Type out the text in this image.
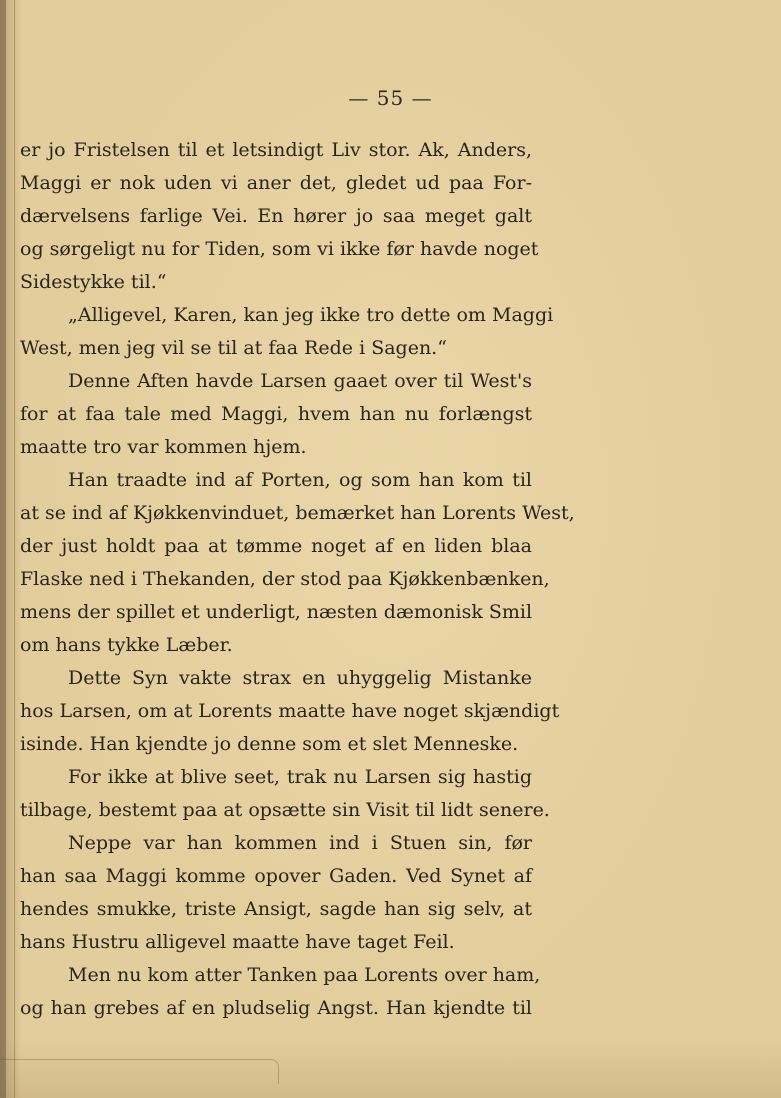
— 55 —
er jo Fristelsen til et letsindigt Liv stor. Ak, Anders,
Maggi er nok uden vi aner det, gledet ud paa For-
dærvelsens farlige Vei. En hører jo saa meget galt
og sørgeligt nu for Tiden, som vi ikke før havde noget
Sidestykke til.“
„Alligevel, Karen, kan jeg ikke tro dette om Maggi
West, men jeg vil se til at faa Rede i Sagen.“
Denne Aften havde Larsen gaaet over til West's
for at faa tale med Maggi, hvem han nu forlængst
maatte tro var kommen hjem.
Han traadte ind af Porten, og som han kom til
at se ind af Kjøkkenvinduet, bemærket han Lorents West,
der just holdt paa at tømme noget af en liden blaa
Flaske ned i Thekanden, der stod paa Kjøkkenbænken,
mens der spillet et underligt, næsten dæmonisk Smil
om hans tykke Læber.
Dette Syn vakte strax en uhyggelig Mistanke
hos Larsen, om at Lorents maatte have noget skjændigt
isinde. Han kjendte jo denne som et slet Menneske.
For ikke at blive seet, trak nu Larsen sig hastig
tilbage, bestemt paa at opsætte sin Visit til lidt senere.
Neppe var han kommen ind i Stuen sin, før
han saa Maggi komme opover Gaden. Ved Synet af
hendes smukke, triste Ansigt, sagde han sig selv, at
hans Hustru alligevel maatte have taget Feil.
Men nu kom atter Tanken paa Lorents over ham,
og han grebes af en pludselig Angst. Han kjendte til
